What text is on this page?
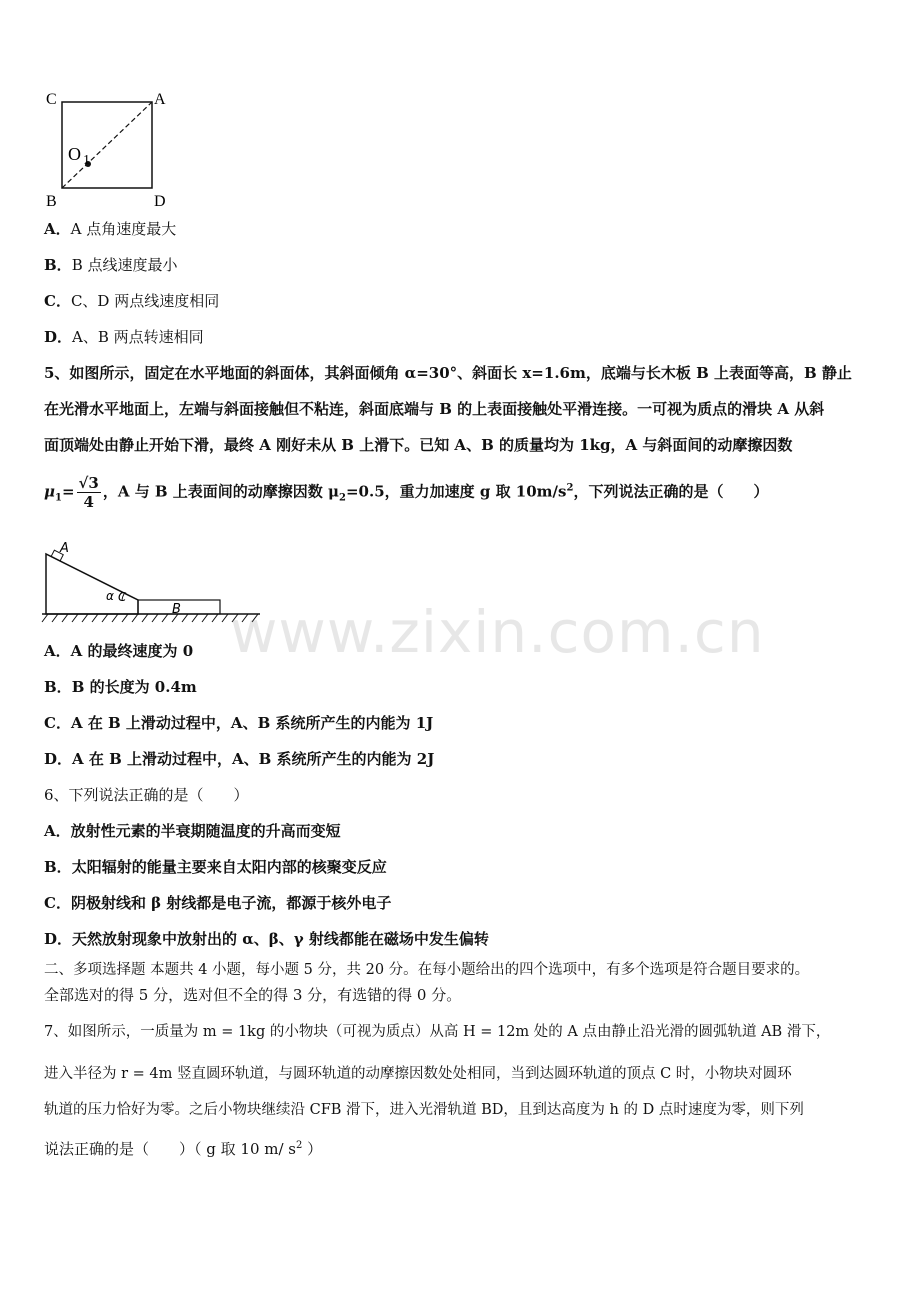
C	A
O 1
B	D
A．A 点角速度最大
B．B 点线速度最小
C．C、D 两点线速度相同
D．A、B 两点转速相同
5、如图所示，固定在水平地面的斜面体，其斜面倾角 α=30°、斜面长 x=1.6m，底端与长木板 B 上表面等高，B 静止
在光滑水平地面上，左端与斜面接触但不粘连，斜面底端与 B 的上表面接触处平滑连接。一可视为质点的滑块 A 从斜
面顶端处由静止开始下滑，最终 A 刚好未从 B 上滑下。已知 A、B 的质量均为 1kg，A 与斜面间的动摩擦因数
$\mu_1= \frac{√3}{4}$ ，A 与 B 上表面间的动摩擦因数 $\mu_2=0.5$，重力加速度 g 取 $10m/s^2$，下列说法正确的是（　　）
A
α C
B www.zixin.com.cn
A．A 的最终速度为 0
B．B 的长度为 0.4m
C．A 在 B 上滑动过程中，A、B 系统所产生的内能为 1J
D．A 在 B 上滑动过程中，A、B 系统所产生的内能为 2J
6、下列说法正确的是（　　）
A．放射性元素的半衰期随温度的升高而变短
B．太阳辐射的能量主要来自太阳内部的核聚变反应
C．阴极射线和 β 射线都是电子流，都源于核外电子
D．天然放射现象中放射出的 α、β、γ 射线都能在磁场中发生偏转
二、多项选择题 本题共 4 小题，每小题 5 分，共 20 分。在每小题给出的四个选项中，有多个选项是符合题目要求的。
全部选对的得 5 分，选对但不全的得 3 分，有选错的得 0 分。
7、如图所示，一质量为 m = 1kg 的小物块（可视为质点）从高 H = 12m 处的 A 点由静止沿光滑的圆弧轨道 AB 滑下，
进入半径为 r = 4m 竖直圆环轨道，与圆环轨道的动摩擦因数处处相同，当到达圆环轨道的顶点 C 时，小物块对圆环
轨道的压力恰好为零。之后小物块继续沿 CFB 滑下，进入光滑轨道 BD，且到达高度为 h 的 D 点时速度为零，则下列
说法正确的是（　　）（ g 取 10 m/ $s^2$ ）
